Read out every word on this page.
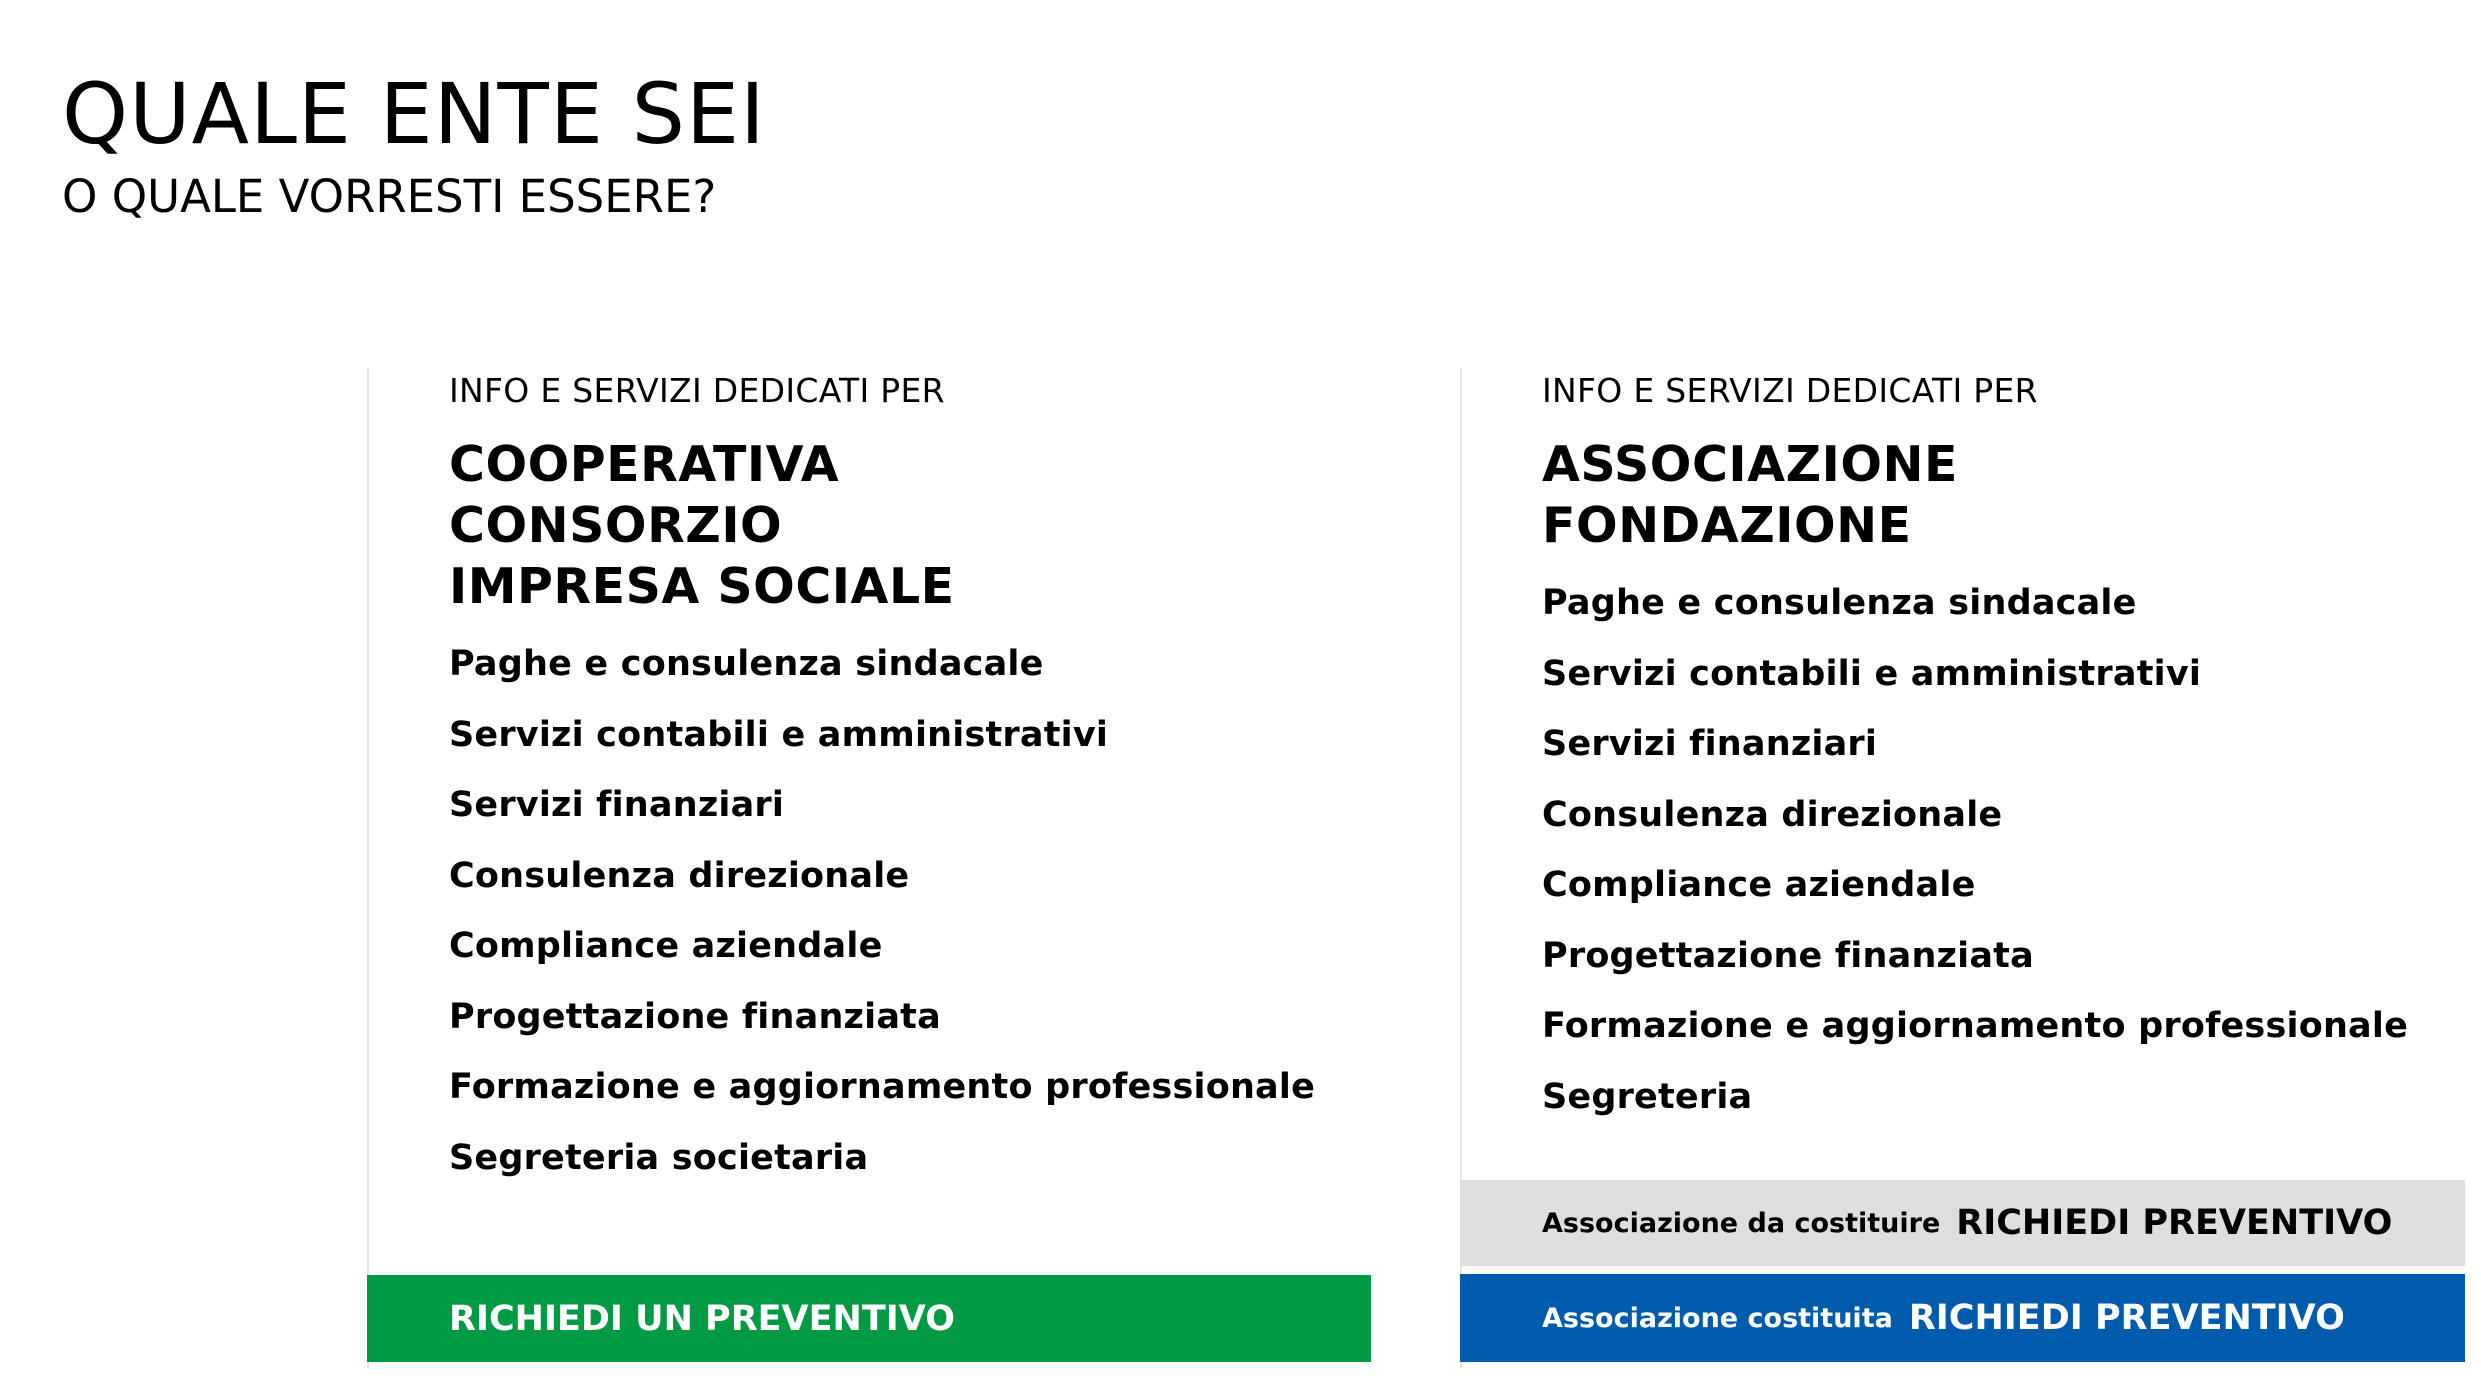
QUALE ENTE SEI
O QUALE VORRESTI ESSERE?
INFO E SERVIZI DEDICATI PER
COOPERATIVA
CONSORZIO
IMPRESA SOCIALE
Paghe e consulenza sindacale
Servizi contabili e amministrativi
Servizi finanziari
Consulenza direzionale
Compliance aziendale
Progettazione finanziata
Formazione e aggiornamento professionale
Segreteria societaria
INFO E SERVIZI DEDICATI PER
ASSOCIAZIONE
FONDAZIONE
Paghe e consulenza sindacale
Servizi contabili e amministrativi
Servizi finanziari
Consulenza direzionale
Compliance aziendale
Progettazione finanziata
Formazione e aggiornamento professionale
Segreteria
RICHIEDI UN PREVENTIVO
Associazione da costituire RICHIEDI PREVENTIVO
Associazione costituita RICHIEDI PREVENTIVO
